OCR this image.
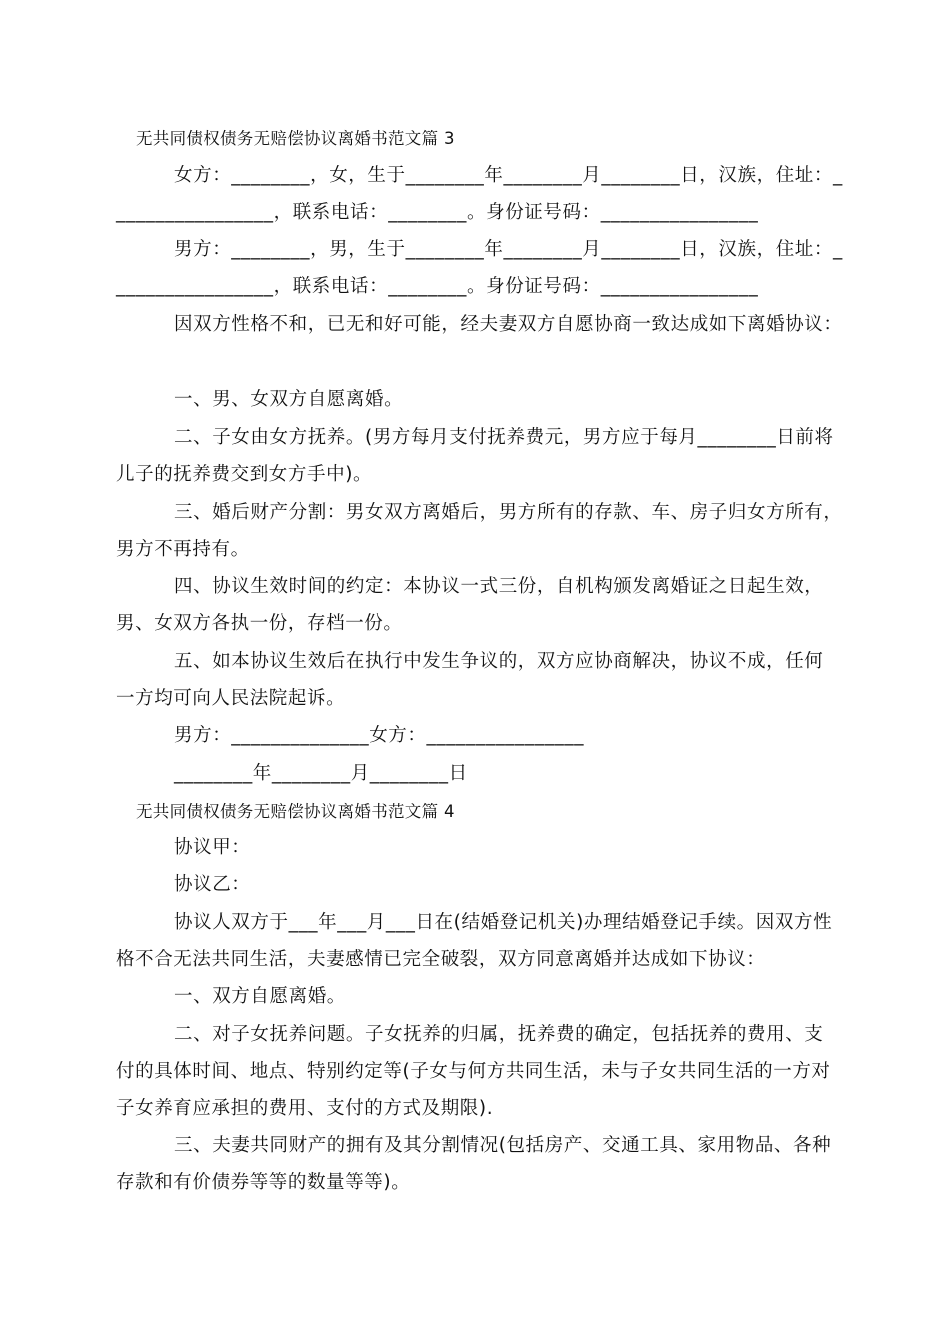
无共同债权债务无赔偿协议离婚书范文篇 3
女方：________，女，生于________年________月________日，汉族，住址：_
________________，联系电话：________。身份证号码：________________
男方：________，男，生于________年________月________日，汉族，住址：_
________________，联系电话：________。身份证号码：________________
因双方性格不和，已无和好可能，经夫妻双方自愿协商一致达成如下离婚协议：
一、男、女双方自愿离婚。
二、子女由女方抚养。(男方每月支付抚养费元，男方应于每月________日前将
儿子的抚养费交到女方手中)。
三、婚后财产分割：男女双方离婚后，男方所有的存款、车、房子归女方所有，
男方不再持有。
四、协议生效时间的约定：本协议一式三份，自机构颁发离婚证之日起生效，
男、女双方各执一份，存档一份。
五、如本协议生效后在执行中发生争议的，双方应协商解决，协议不成，任何
一方均可向人民法院起诉。
男方：______________女方：________________
________年________月________日
无共同债权债务无赔偿协议离婚书范文篇 4
协议甲：
协议乙：
协议人双方于___年___月___日在(结婚登记机关)办理结婚登记手续。因双方性
格不合无法共同生活，夫妻感情已完全破裂，双方同意离婚并达成如下协议：
一、双方自愿离婚。
二、对子女抚养问题。子女抚养的归属，抚养费的确定，包括抚养的费用、支
付的具体时间、地点、特别约定等(子女与何方共同生活，未与子女共同生活的一方对
子女养育应承担的费用、支付的方式及期限).
三、夫妻共同财产的拥有及其分割情况(包括房产、交通工具、家用物品、各种
存款和有价债券等等的数量等等)。
